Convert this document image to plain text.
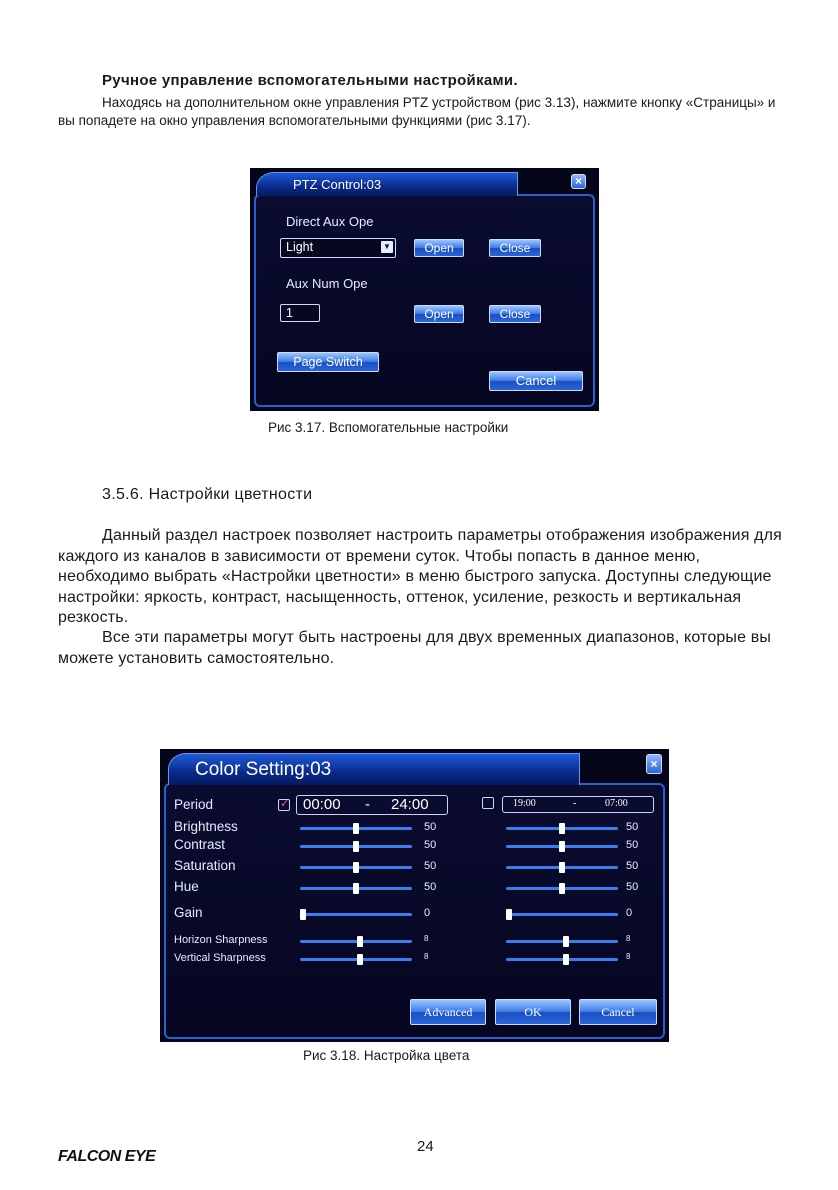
Ручное управление вспомогательными настройками.
Находясь на дополнительном окне управления PTZ устройством (рис 3.13), нажмите кнопку «Страницы» и вы попадете на окно управления вспомогательными функциями (рис 3.17).
PTZ Control:03	×
Direct Aux Ope
Light	▼	Open	Close
Aux Num Ope
1	Open	Close
Page Switch
Cancel
Рис 3.17. Вспомогательные настройки
3.5.6. Настройки цветности
Данный раздел настроек позволяет настроить параметры отображения изображения для каждого из каналов в зависимости от времени суток. Чтобы попасть в данное меню, необходимо выбрать «Настройки цветности» в меню быстрого запуска. Доступны следующие настройки: яркость, контраст, насыщенность, оттенок, усиление, резкость и вертикальная резкость.
Все эти параметры могут быть настроены для двух временных диапазонов, которые вы можете установить самостоятельно.
Color Setting:03	×
Period
✓	00:00 - 24:00	19:00	-	07:00
Brightness	50	50
Contrast	50	50
Saturation	50	50
Hue	50	50
Gain	0	0
Horizon Sharpness	8	8
Vertical Sharpness	8	8
Advanced	OK	Cancel
Рис 3.18. Настройка цвета
24
FALCON EYE
